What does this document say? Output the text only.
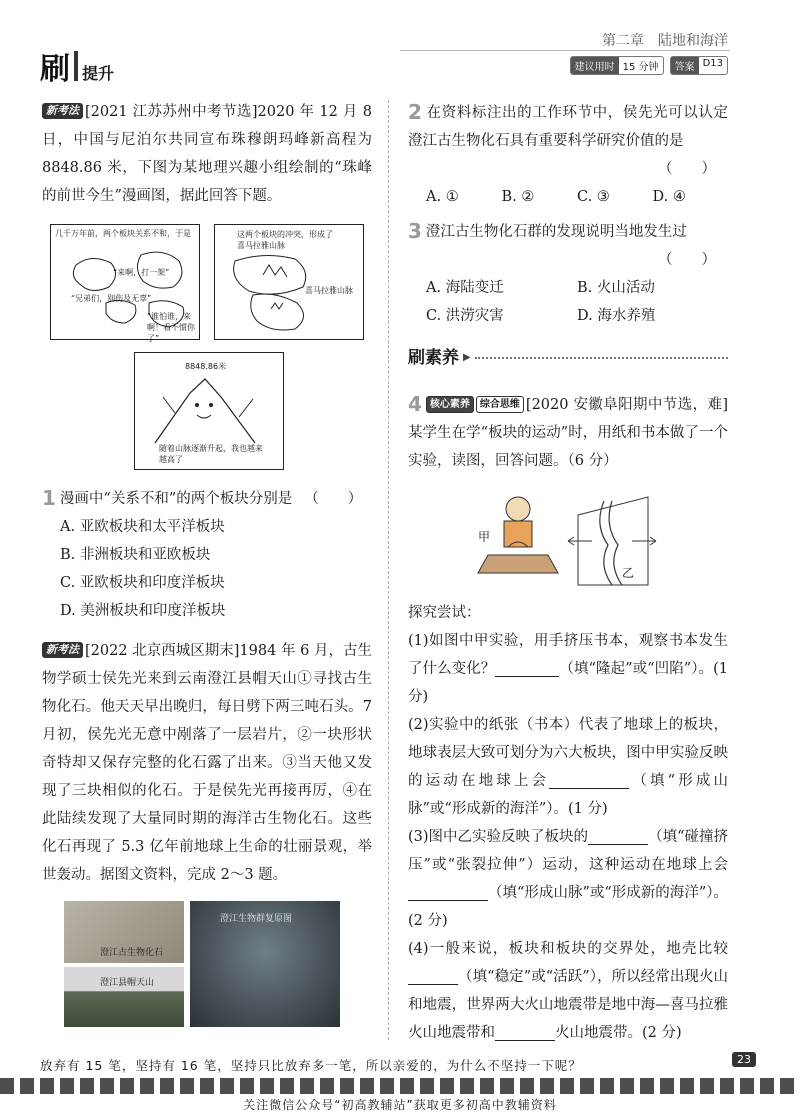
刷 提升
第二章　陆地和海洋
建议用时 15 分钟	答案 D13

新考法 [2021 江苏苏州中考节选]2020 年 12 月 8 日，中国与尼泊尔共同宣布珠穆朗玛峰新高程为 8848.86 米，下图为某地理兴趣小组绘制的“珠峰的前世今生”漫画图，据此回答下题。

几千万年前，两个板块关系不和，于是
“来啊，打一架”
“兄弟们，别伤及无辜”
“谁怕谁，来啊！看不惯你了”
这两个板块的冲突，形成了喜马拉雅山脉
喜马拉雅山脉
8848.86米
随着山脉逐渐升起，我也越来越高了
1 漫画中“关系不和”的两个板块分别是 （　　）
A. 亚欧板块和太平洋板块
B. 非洲板块和亚欧板块
C. 亚欧板块和印度洋板块
D. 美洲板块和印度洋板块

新考法 [2022 北京西城区期末]1984 年 6 月，古生物学硕士侯先光来到云南澄江县帽天山①寻找古生物化石。他天天早出晚归，每日劈下两三吨石头。7 月初，侯先光无意中剐落了一层岩片，②一块形状奇特却又保存完整的化石露了出来。③当天他又发现了三块相似的化石。于是侯先光再接再厉，④在此陆续发现了大量同时期的海洋古生物化石。这些化石再现了 5.3 亿年前地球上生命的壮丽景观，举世轰动。据图文资料，完成 2～3 题。

澄江古生物化石
澄江县帽天山
澄江生物群复原图

2 在资料标注出的工作环节中，侯先光可以认定澄江古生物化石具有重要科学研究价值的是

（　　）
A. ①	B. ②	C. ③	D. ④

3 澄江古生物化石群的发现说明当地发生过

（　　）
A. 海陆变迁	B. 火山活动
C. 洪涝灾害	D. 海水养殖
刷素养 ▶

4 核心素养 综合思维 [2020 安徽阜阳期中节选，难]某学生在学“板块的运动”时，用纸和书本做了一个实验，读图，回答问题。（6 分）

甲
乙
探究尝试：

(1)如图中甲实验，用手挤压书本，观察书本发生了什么变化？	（填“隆起”或“凹陷”）。(1 分)

(2)实验中的纸张（书本）代表了地球上的板块，地球表层大致可划分为六大板块，图中甲实验反映的运动在地球上会	（填“形成山脉”或“形成新的海洋”）。(1 分)

(3)图中乙实验反映了板块的	（填“碰撞挤压”或“张裂拉伸”）运动，这种运动在地球上会（填“形成山脉”或“形成新的海洋”）。(2 分)

(4)一般来说，板块和板块的交界处，地壳比较（填“稳定”或“活跃”），所以经常出现火山和地震，世界两大火山地震带是地中海—喜马拉雅火山地震带和	火山地震带。(2 分)

放弃有 15 笔，坚持有 16 笔，坚持只比放弃多一笔，所以亲爱的，为什么不坚持一下呢？	23
关注微信公众号“初高教辅站”获取更多初高中教辅资料
